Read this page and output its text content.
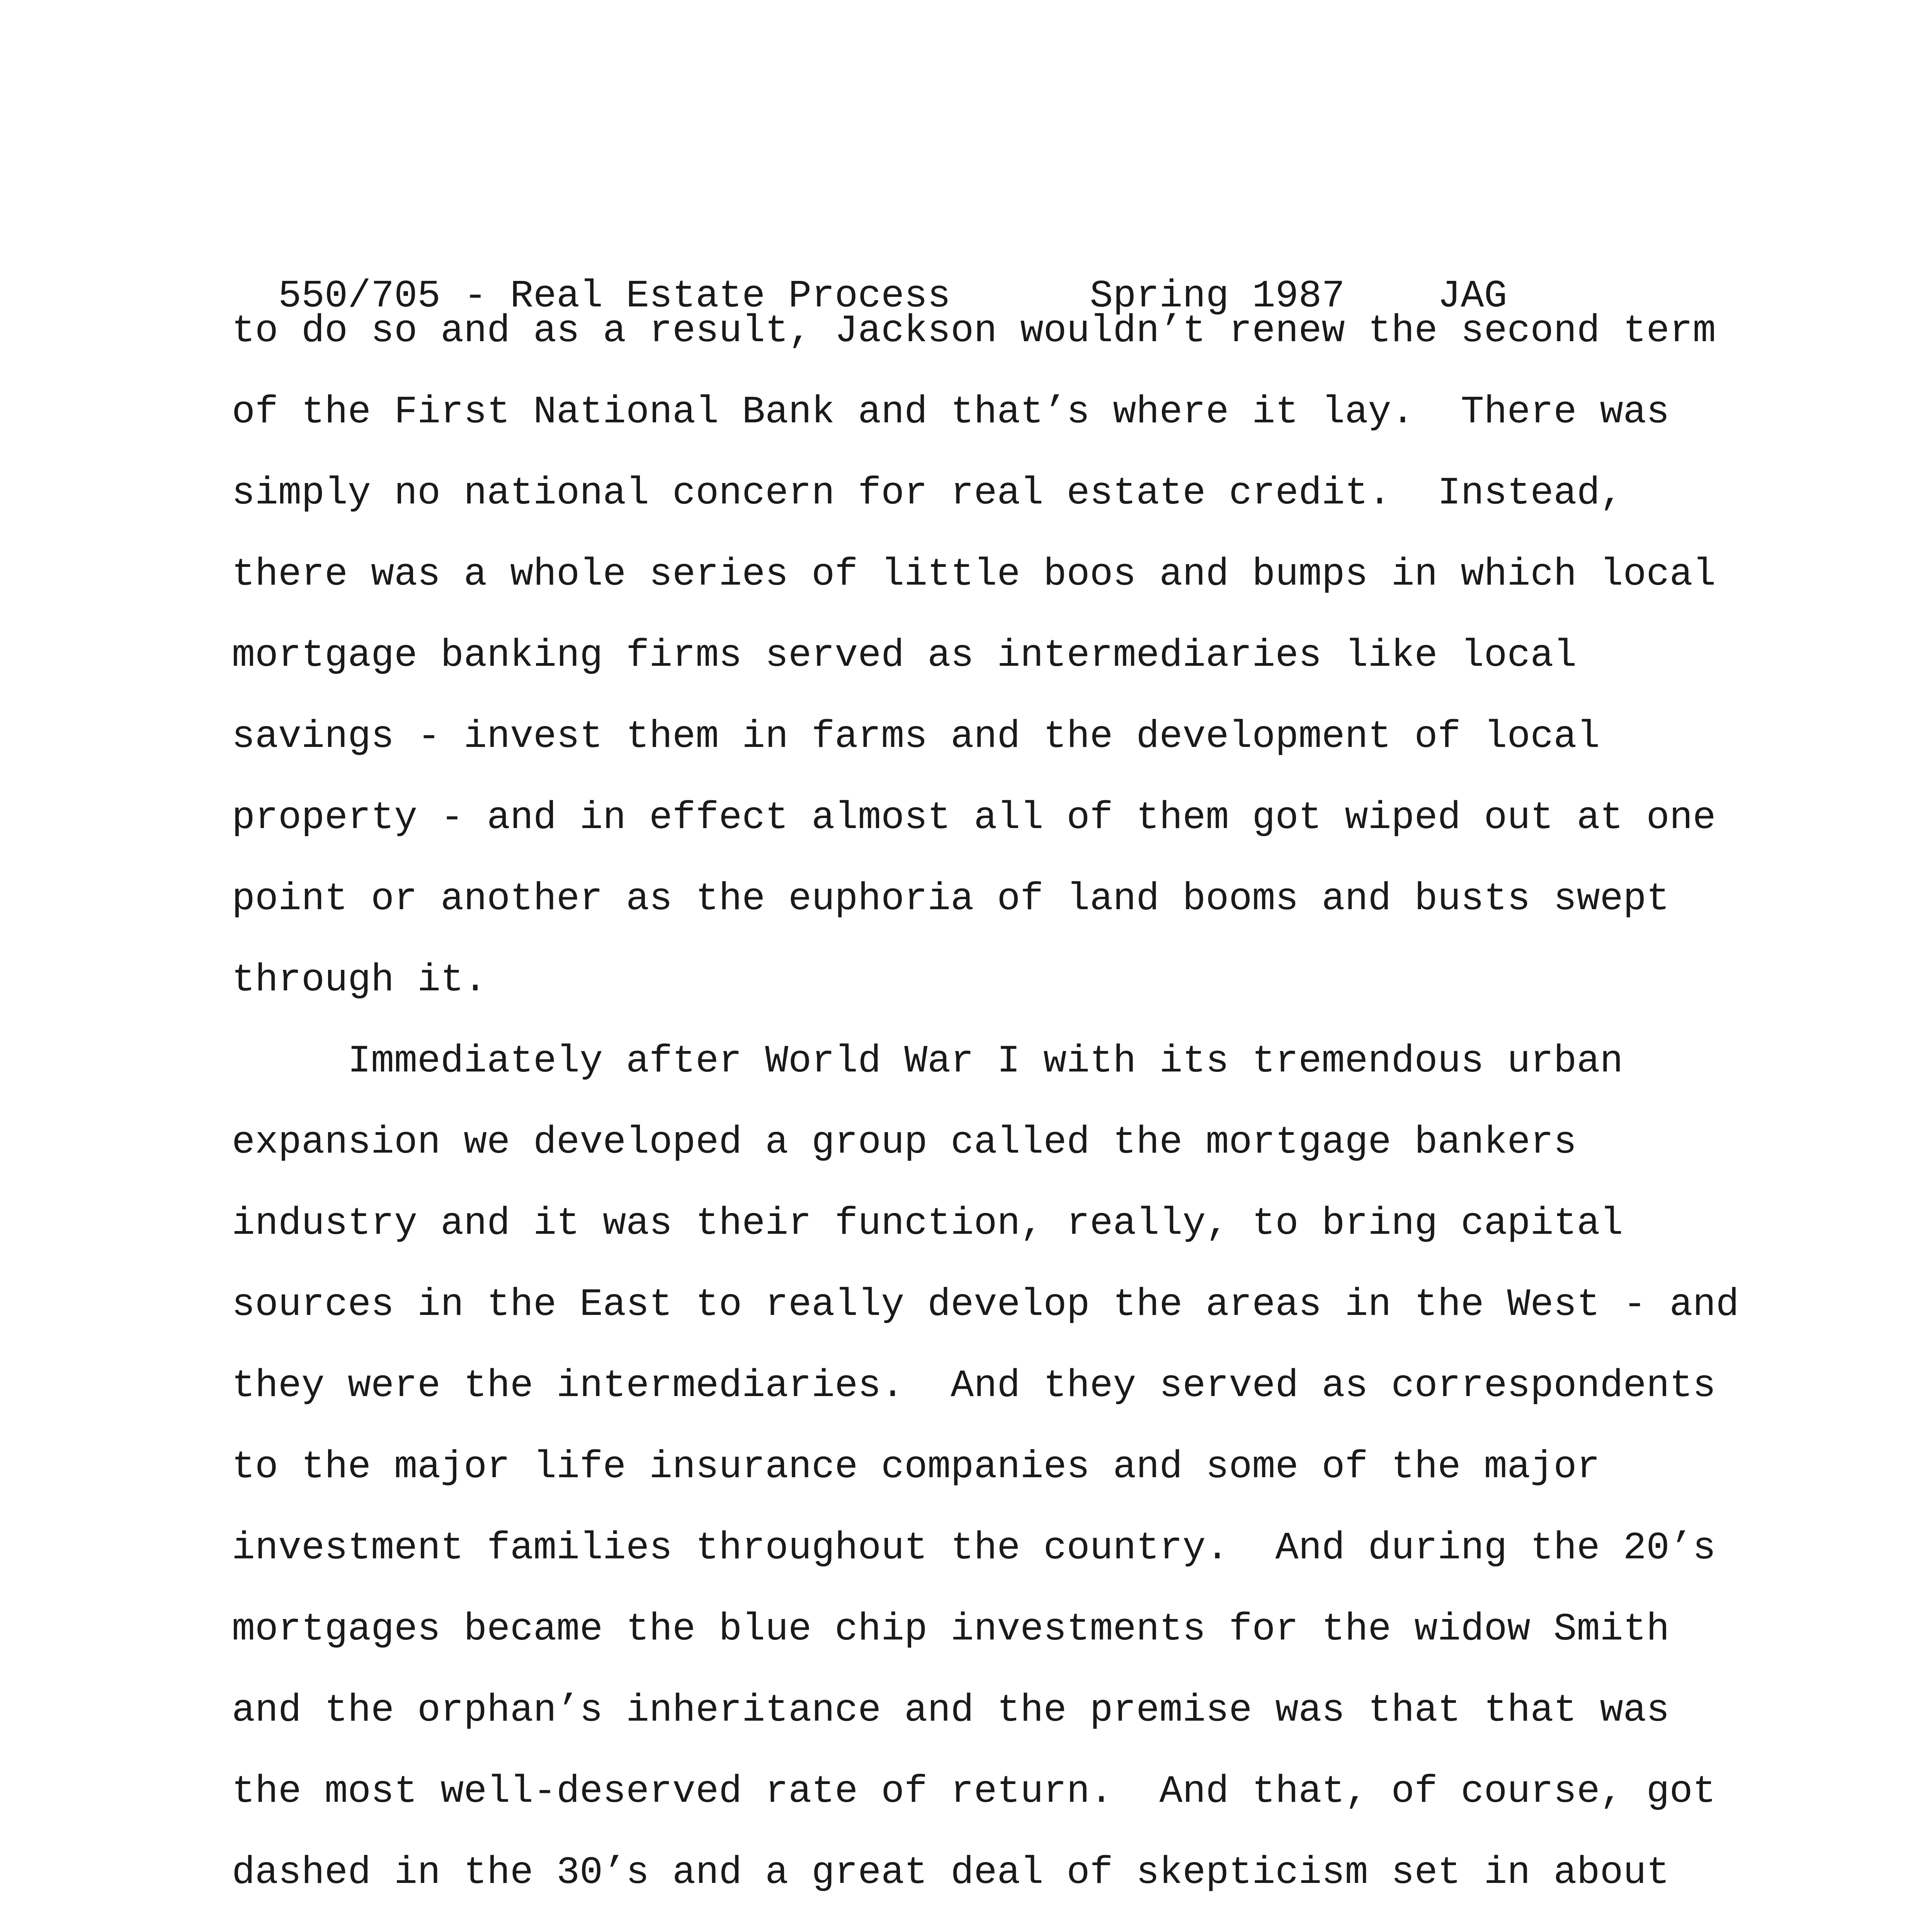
550/705 - Real Estate Process	Spring 1987 JAG

to do so and as a result, Jackson wouldn’t renew the second term
of the First National Bank and that’s where it lay.  There was
simply no national concern for real estate credit.  Instead,
there was a whole series of little boos and bumps in which local
mortgage banking firms served as intermediaries like local
savings - invest them in farms and the development of local
property - and in effect almost all of them got wiped out at one
point or another as the euphoria of land booms and busts swept
through it.
Immediately after World War I with its tremendous urban
expansion we developed a group called the mortgage bankers
industry and it was their function, really, to bring capital
sources in the East to really develop the areas in the West - and
they were the intermediaries.  And they served as correspondents
to the major life insurance companies and some of the major
investment families throughout the country.  And during the 20’s
mortgages became the blue chip investments for the widow Smith
and the orphan’s inheritance and the premise was that that was
the most well-deserved rate of return.  And that, of course, got
dashed in the 30’s and a great deal of skepticism set in about
